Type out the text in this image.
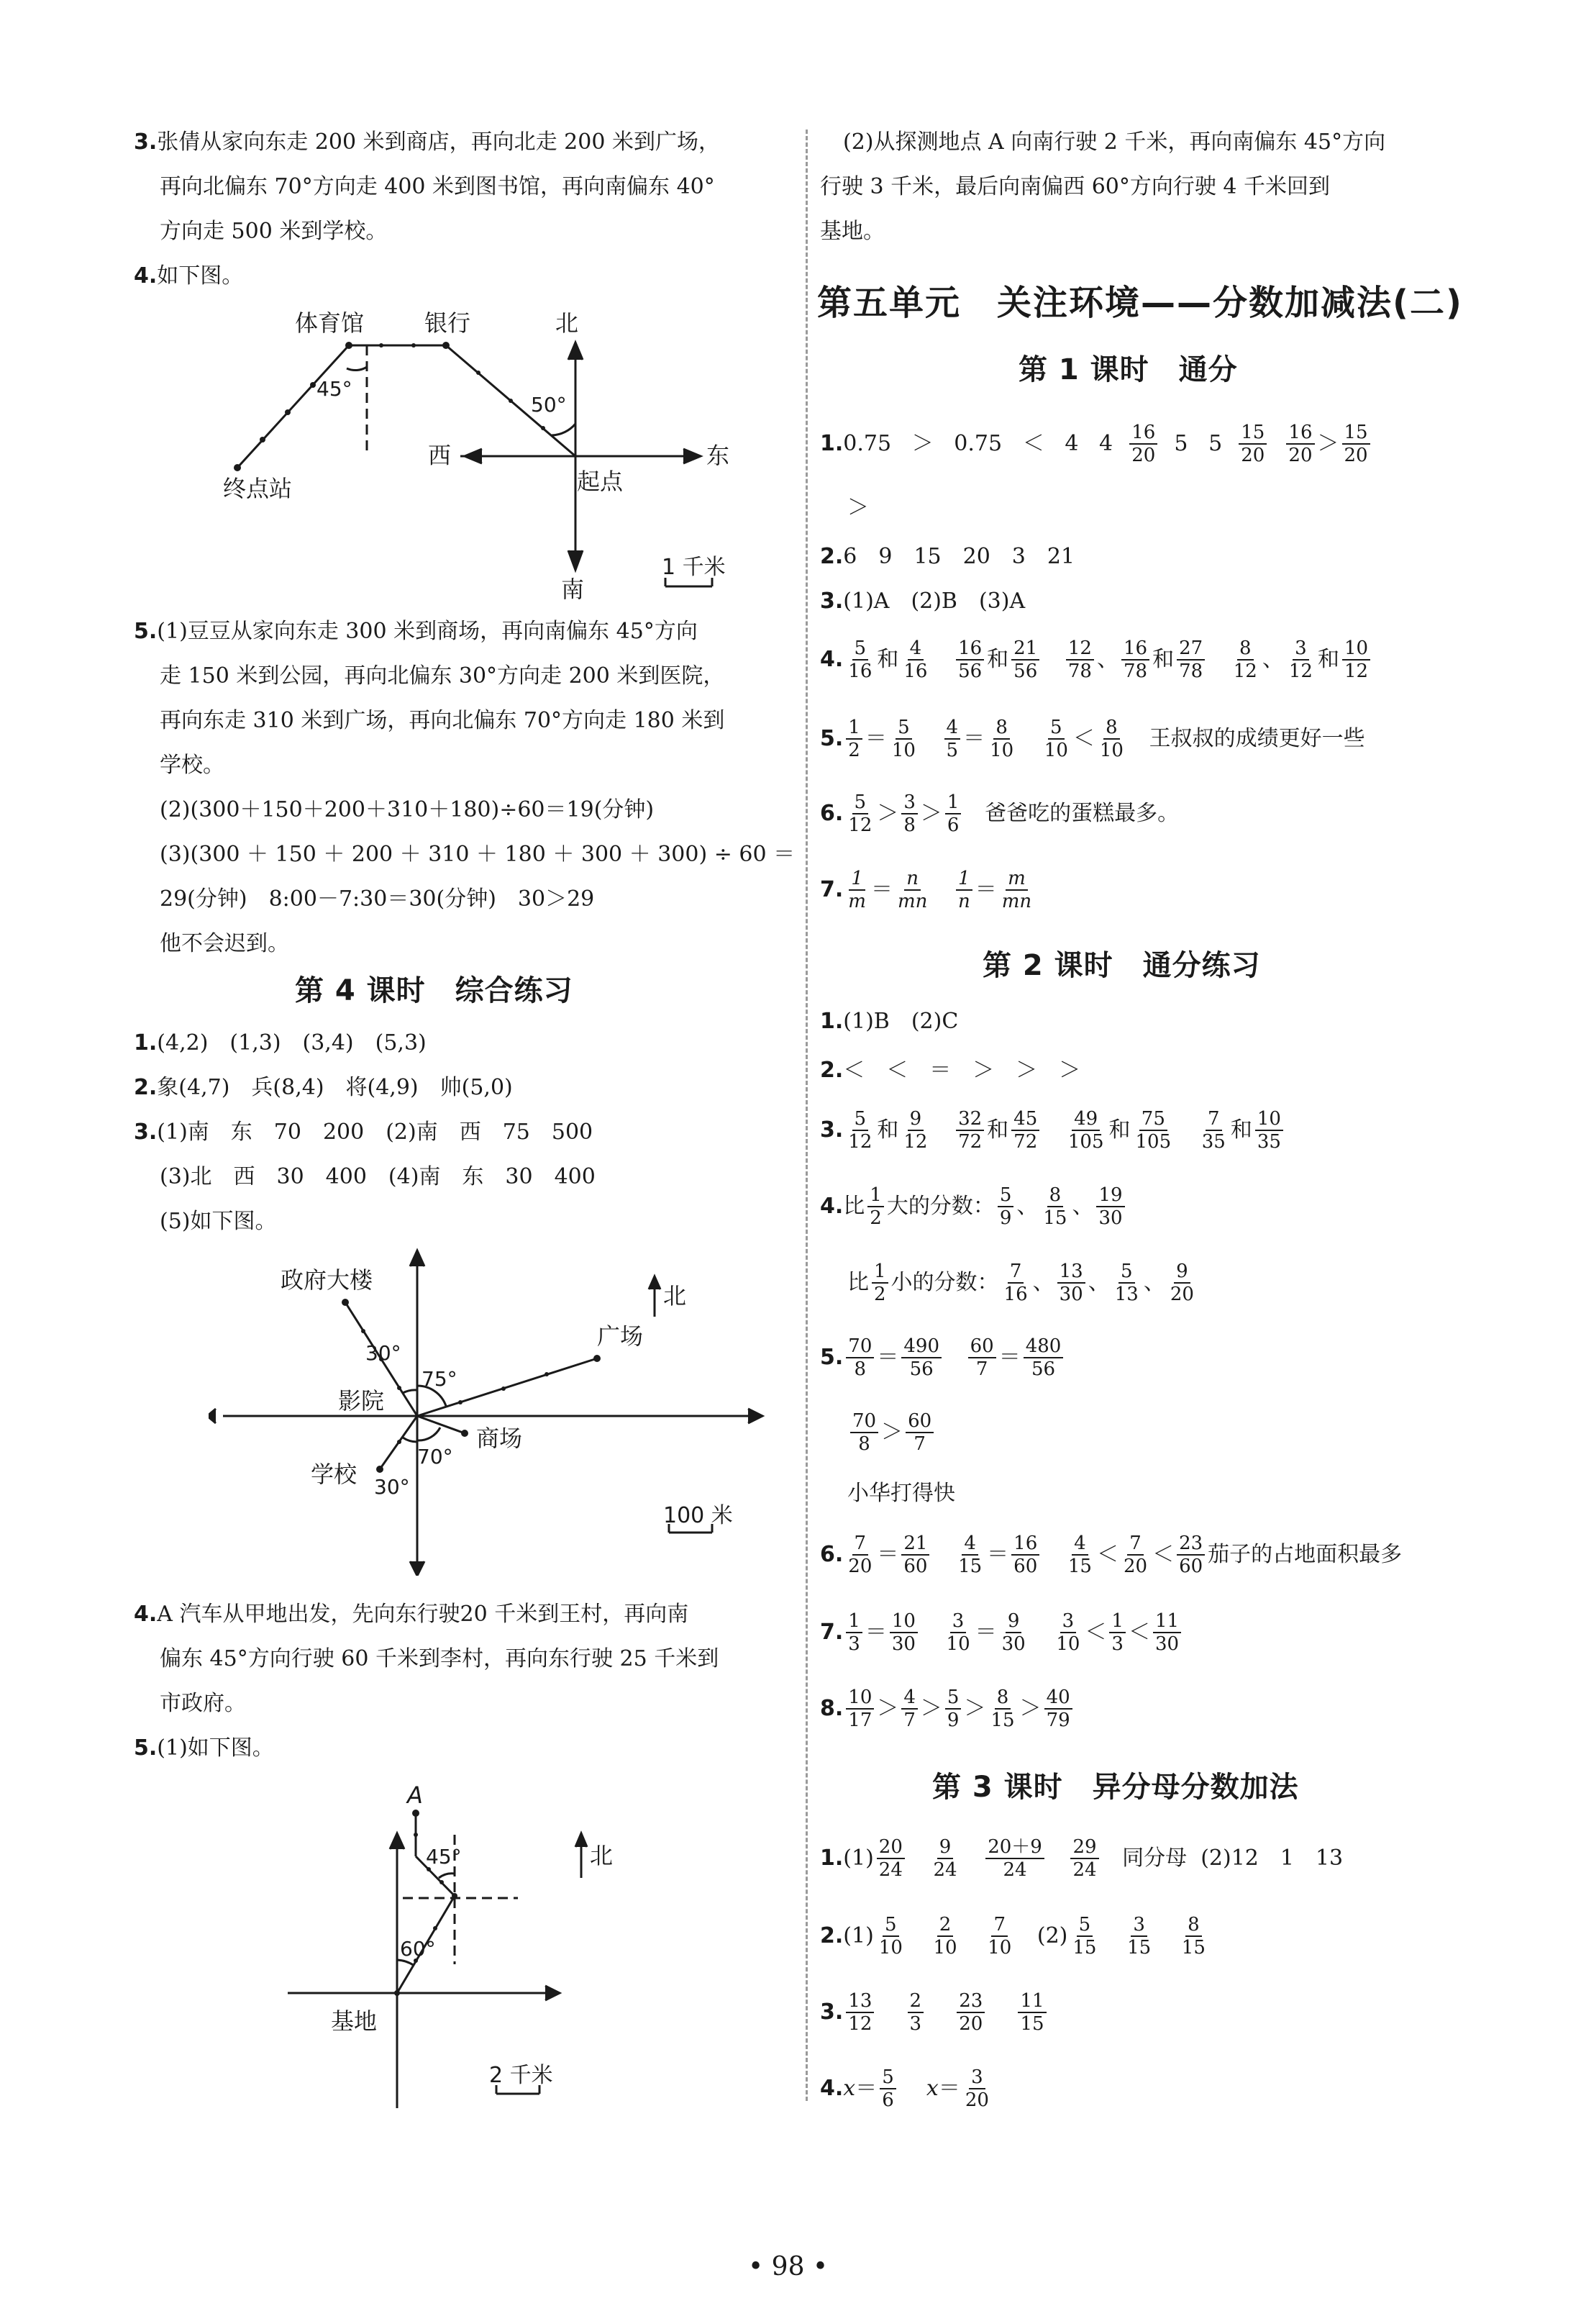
3.张倩从家向东走 200 米到商店，再向北走 200 米到广场，
再向北偏东 70°方向走 400 米到图书馆，再向南偏东 40°
方向走 500 米到学校。
4.如下图。
体育馆	银行	北
西	东
起点
终点站
南
45°
50°
1 千米
5.(1)豆豆从家向东走 300 米到商场，再向南偏东 45°方向
走 150 米到公园，再向北偏东 30°方向走 200 米到医院，
再向东走 310 米到广场，再向北偏东 70°方向走 180 米到
学校。
(2)(300＋150＋200＋310＋180)÷60＝19(分钟)
(3)(300 ＋ 150 ＋ 200 ＋ 310 ＋ 180 ＋ 300 ＋ 300) ÷ 60 ＝
29(分钟)　8:00－7:30＝30(分钟)　30＞29
他不会迟到。
第 4 课时　综合练习
1.(4,2)　(1,3)　(3,4)　(5,3)
2.象(4,7)　兵(8,4)　将(4,9)　帅(5,0)
3.(1)南　东　70　200　(2)南　西　75　500
(3)北　西　30　400　(4)南　东　30　400
(5)如下图。
政府大楼
广场
影院
商场
学校
北
30°
75°
70°
30°
100 米
4.A 汽车从甲地出发，先向东行驶20 千米到王村，再向南
偏东 45°方向行驶 60 千米到李村，再向东行驶 25 千米到
市政府。
5.(1)如下图。
A
北
45°
60°
基地
2 千米
(2)从探测地点 A 向南行驶 2 千米，再向南偏东 45°方向
行驶 3 千米，最后向南偏西 60°方向行驶 4 千米回到
基地。
第五单元　关注环境——分数加减法(二)
第 1 课时　通分
1. 0.75
＞
0.75
＜
4
4
$\frac{16}{20}$
5
5
$\frac{15}{20}$
$\frac{16}{20} > \frac{15}{20}$
＞
2.6　9　15　20　3　21
3.(1)A　(2)B　(3)A
4. $\frac{5}{16}$ 和 $\frac{4}{16}$
$\frac{16}{56}$ 和 $\frac{21}{56}$
$\frac{12}{78}$ 、 $\frac{16}{78}$ 和 $\frac{27}{78}$
$\frac{8}{12}$ 、 $\frac{3}{12}$ 和 $\frac{10}{12}$
5. $\frac{1}{2} = \frac{5}{10}$
$\frac{4}{5} = \frac{8}{10}$
$\frac{5}{10} < \frac{8}{10}$
王叔叔的成绩更好一些
6. $\frac{5}{12} > \frac{3}{8} > \frac{1}{6}$
爸爸吃的蛋糕最多。
7. $\frac{1}{m} = \frac{n}{mn}$
$\frac{1}{n} = \frac{m}{mn}$
第 2 课时　通分练习
1.(1)B　(2)C
2.＜　＜　＝　＞　＞　＞
3. $\frac{5}{12}$ 和 $\frac{9}{12}$
$\frac{32}{72}$ 和 $\frac{45}{72}$
$\frac{49}{105}$ 和 $\frac{75}{105}$
$\frac{7}{35}$ 和 $\frac{10}{35}$
4. 比 $\frac{1}{2}$ 大的分数： $\frac{5}{9}$ 、 $\frac{8}{15}$ 、 $\frac{19}{30}$
比 $\frac{1}{2}$ 小的分数： $\frac{7}{16}$ 、 $\frac{13}{30}$ 、 $\frac{5}{13}$ 、 $\frac{9}{20}$
5. $\frac{70}{8} = \frac{490}{56}$
$\frac{60}{7} = \frac{480}{56}$
$\frac{70}{8} > \frac{60}{7}$
小华打得快
6. $\frac{7}{20} = \frac{21}{60}$
$\frac{4}{15} = \frac{16}{60}$
$\frac{4}{15} < \frac{7}{20} < \frac{23}{60}$ 茄子的占地面积最多
7. $\frac{1}{3} = \frac{10}{30}$
$\frac{3}{10} = \frac{9}{30}$
$\frac{3}{10} < \frac{1}{3} < \frac{11}{30}$
8. $\frac{10}{17} > \frac{4}{7} > \frac{5}{9} > \frac{8}{15} > \frac{40}{79}$
第 3 课时　异分母分数加法
1. $(1) \frac{20}{24}$
$\frac{9}{24}$
$\frac{20+9}{24}$
$\frac{29}{24}$
同分母
(2)12　1　13
2. $(1) \frac{5}{10}$
$\frac{2}{10}$
$\frac{7}{10}$
$(2) \frac{5}{15}$
$\frac{3}{15}$
$\frac{8}{15}$
3. $\frac{13}{12}$
$\frac{2}{3}$
$\frac{23}{20}$
$\frac{11}{15}$
4. $x = \frac{5}{6}$
$x = \frac{3}{20}$
• 98 •
